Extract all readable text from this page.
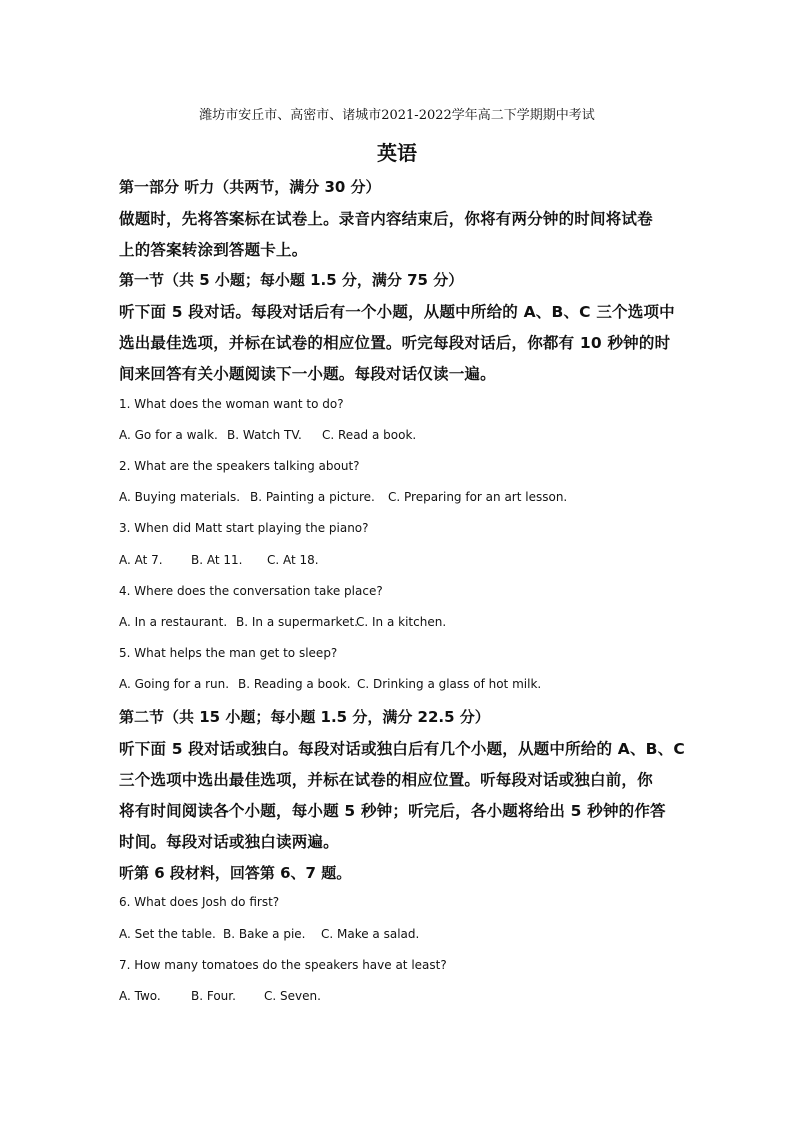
潍坊市安丘市、高密市、诸城市2021-2022学年高二下学期期中考试
英语
第一部分 听力（共两节，满分 30 分）
做题时，先将答案标在试卷上。录音内容结束后，你将有两分钟的时间将试卷
上的答案转涂到答题卡上。
第一节（共 5 小题；每小题 1.5 分，满分 75 分）
听下面 5 段对话。每段对话后有一个小题，从题中所给的 A、B、C 三个选项中
选出最佳选项，并标在试卷的相应位置。听完每段对话后，你都有 10 秒钟的时
间来回答有关小题阅读下一小题。每段对话仅读一遍。
1. What does the woman want to do?
A. Go for a walk. B. Watch TV. C. Read a book.
2. What are the speakers talking about?
A. Buying materials. B. Painting a picture. C. Preparing for an art lesson.
3. When did Matt start playing the piano?
A. At 7. B. At 11. C. At 18.
4. Where does the conversation take place?
A. In a restaurant. B. In a supermarket.C. In a kitchen.
5. What helps the man get to sleep?
A. Going for a run. B. Reading a book. C. Drinking a glass of hot milk.
第二节（共 15 小题；每小题 1.5 分，满分 22.5 分）
听下面 5 段对话或独白。每段对话或独白后有几个小题，从题中所给的 A、B、C
三个选项中选出最佳选项，并标在试卷的相应位置。听每段对话或独白前，你
将有时间阅读各个小题，每小题 5 秒钟；听完后，各小题将给出 5 秒钟的作答
时间。每段对话或独白读两遍。
听第 6 段材料，回答第 6、7 题。
6. What does Josh do first?
A. Set the table. B. Bake a pie. C. Make a salad.
7. How many tomatoes do the speakers have at least?
A. Two.	B. Four. C. Seven.
